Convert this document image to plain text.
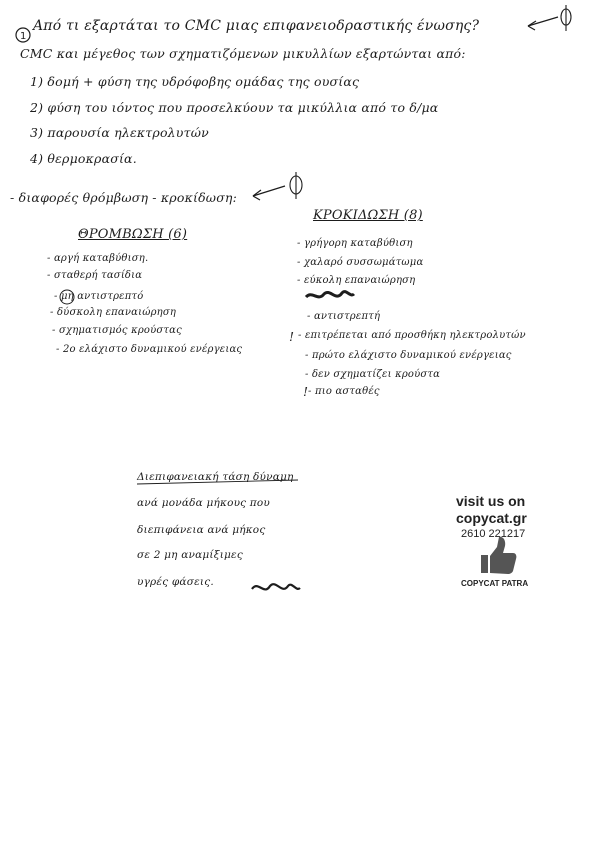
1
Από τι εξαρτάται το CMC μιας επιφανειοδραστικής ένωσης?
CMC και μέγεθος των σχηματιζόμενων μικυλλίων εξαρτώνται από:
1) δομή + φύση της υδρόφοβης ομάδας της ουσίας
2) φύση του ιόντος που προσελκύουν τα μικύλλια από το δ/μα
3) παρουσία ηλεκτρολυτών
4) θερμοκρασία.
- διαφορές θρόμβωση - κροκίδωση:
ΘΡΟΜΒΩΣΗ (6)
- αργή καταβύθιση.
- σταθερή τασίδια
- μη αντιστρεπτό
- δύσκολη επαναιώρηση
- σχηματισμός κρούστας
- 2ο ελάχιστο δυναμικού ενέργειας
ΚΡΟΚΙΔΩΣΗ (8)
- γρήγορη καταβύθιση
- χαλαρό συσσωμάτωμα
- εύκολη επαναιώρηση
- αντιστρεπτή
- επιτρέπεται από προσθήκη ηλεκτρολυτών
- πρώτο ελάχιστο δυναμικού ενέργειας
- δεν σχηματίζει κρούστα
- πιο ασταθές
!
!
Διεπιφανειακή τάση δύναμη
ανά μονάδα μήκους που
διεπιφάνεια ανά μήκος
σε 2 μη αναμίξιμες
υγρές φάσεις.
visit us on
copycat.gr
2610 221217
COPYCAT PATRA
